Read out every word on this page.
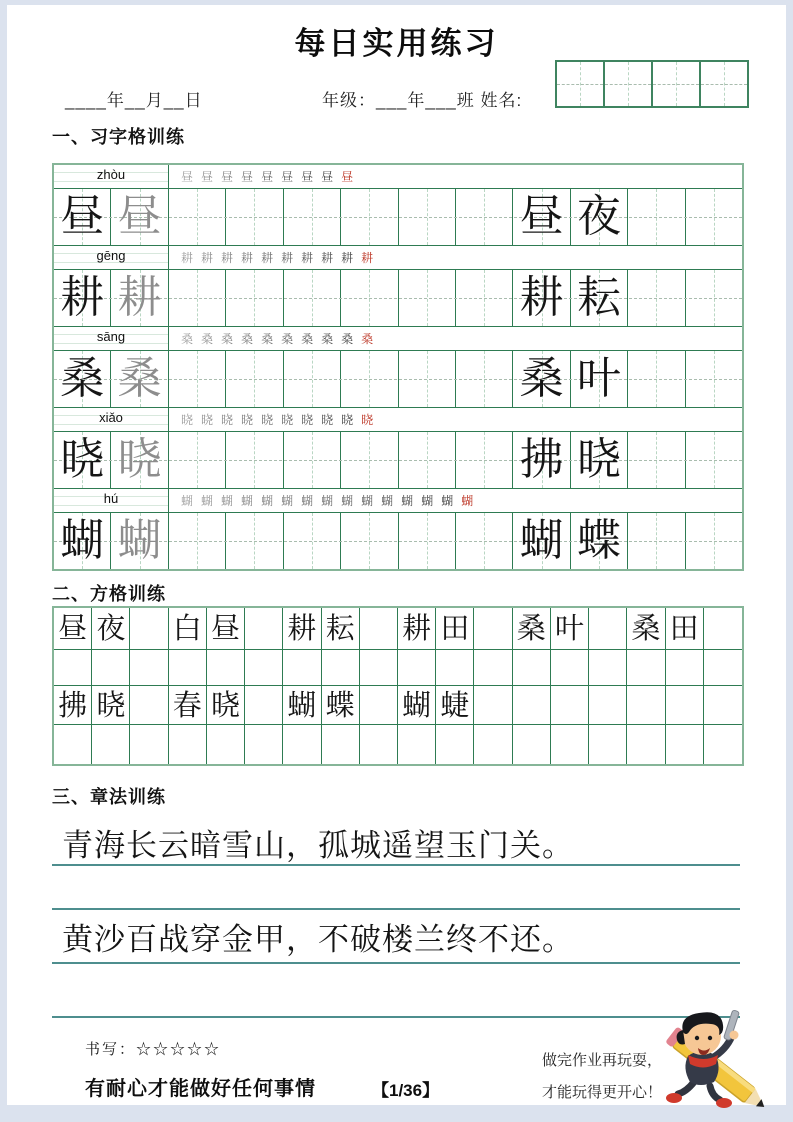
每日实用练习
____年__月__日	年级：___年___班 姓名:
一、习字格训练
zhòu	昼 昼 昼 昼 昼 昼 昼 昼 昼
昼 昼	昼 夜
gēng	耕 耕 耕 耕 耕 耕 耕 耕 耕 耕
耕 耕	耕 耘
sāng	桑 桑 桑 桑 桑 桑 桑 桑 桑 桑
桑 桑	桑 叶
xiǎo	晓 晓 晓 晓 晓 晓 晓 晓 晓 晓
晓 晓	拂 晓
hú	蝴 蝴 蝴 蝴 蝴 蝴 蝴 蝴 蝴 蝴 蝴 蝴 蝴 蝴 蝴
蝴 蝴	蝴 蝶
二、方格训练
昼 夜 白 昼 耕 耘 耕 田 桑 叶 桑 田
拂 晓 春 晓 蝴 蝶 蝴 蜨
三、章法训练
青海长云暗雪山，孤城遥望玉门关。
黄沙百战穿金甲，不破楼兰终不还。
书写：☆☆☆☆☆
有耐心才能做好任何事情	【1/36】
做完作业再玩耍，
才能玩得更开心！
